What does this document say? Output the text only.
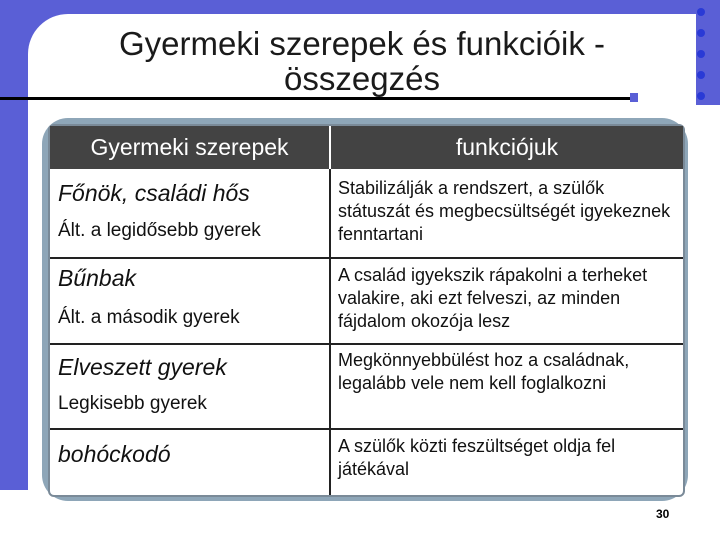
Gyermeki szerepek és funkcióik -
összegzés
Gyermeki szerepek	funkciójuk
Főnök, családi hős
Ált. a legidősebb gyerek
Stabilizálják a rendszert, a szülők státuszát és megbecsültségét igyekeznek fenntartani
Bűnbak
Ált. a második gyerek
A család igyekszik rápakolni a terheket valakire, aki ezt felveszi, az minden fájdalom okozója lesz
Elveszett gyerek
Legkisebb gyerek
Megkönnyebbülést hoz a családnak, legalább vele nem kell foglalkozni
bohóckodó	A szülők közti feszültséget oldja fel játékával
30
